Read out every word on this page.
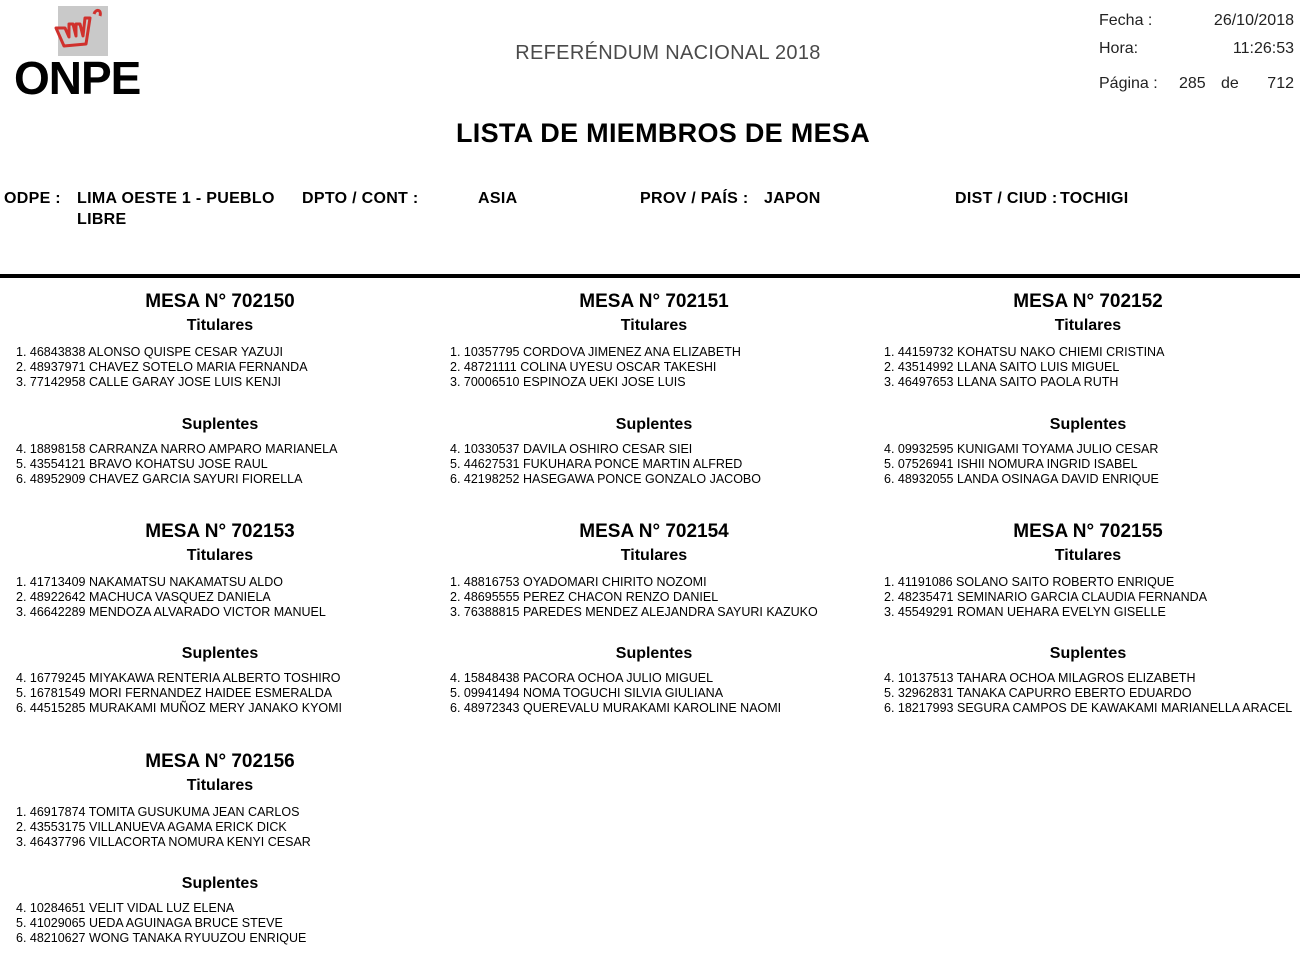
ONPE	REFERÉNDUM NACIONAL 2018
Fecha :	26/10/2018
Hora:	11:26:53
Página : 285 de	712
LISTA DE MIEMBROS DE MESA
ODPE : LIMA OESTE 1 - PUEBLO
LIBRE
DPTO / CONT :	ASIA	PROV / PAÍS : JAPON	DIST / CIUD : TOCHIGI
MESA N° 702150
Titulares
1. 46843838 ALONSO QUISPE CESAR YAZUJI
2. 48937971 CHAVEZ SOTELO MARIA FERNANDA
3. 77142958 CALLE GARAY JOSE LUIS KENJI
Suplentes
4. 18898158 CARRANZA NARRO AMPARO MARIANELA
5. 43554121 BRAVO KOHATSU JOSE RAUL
6. 48952909 CHAVEZ GARCIA SAYURI FIORELLA
MESA N° 702151
Titulares
1. 10357795 CORDOVA JIMENEZ ANA ELIZABETH
2. 48721111 COLINA UYESU OSCAR TAKESHI
3. 70006510 ESPINOZA UEKI JOSE LUIS
Suplentes
4. 10330537 DAVILA OSHIRO CESAR SIEI
5. 44627531 FUKUHARA PONCE MARTIN ALFRED
6. 42198252 HASEGAWA PONCE GONZALO JACOBO
MESA N° 702152
Titulares
1. 44159732 KOHATSU NAKO CHIEMI CRISTINA
2. 43514992 LLANA SAITO LUIS MIGUEL
3. 46497653 LLANA SAITO PAOLA RUTH
Suplentes
4. 09932595 KUNIGAMI TOYAMA JULIO CESAR
5. 07526941 ISHII NOMURA INGRID ISABEL
6. 48932055 LANDA OSINAGA DAVID ENRIQUE
MESA N° 702153
Titulares
1. 41713409 NAKAMATSU NAKAMATSU ALDO
2. 48922642 MACHUCA VASQUEZ DANIELA
3. 46642289 MENDOZA ALVARADO VICTOR MANUEL
Suplentes
4. 16779245 MIYAKAWA RENTERIA ALBERTO TOSHIRO
5. 16781549 MORI FERNANDEZ HAIDEE ESMERALDA
6. 44515285 MURAKAMI MUÑOZ MERY JANAKO KYOMI
MESA N° 702154
Titulares
1. 48816753 OYADOMARI CHIRITO NOZOMI
2. 48695555 PEREZ CHACON RENZO DANIEL
3. 76388815 PAREDES MENDEZ ALEJANDRA SAYURI KAZUKO
Suplentes
4. 15848438 PACORA OCHOA JULIO MIGUEL
5. 09941494 NOMA TOGUCHI SILVIA GIULIANA
6. 48972343 QUEREVALU MURAKAMI KAROLINE NAOMI
MESA N° 702155
Titulares
1. 41191086 SOLANO SAITO ROBERTO ENRIQUE
2. 48235471 SEMINARIO GARCIA CLAUDIA FERNANDA
3. 45549291 ROMAN UEHARA EVELYN GISELLE
Suplentes
4. 10137513 TAHARA OCHOA MILAGROS ELIZABETH
5. 32962831 TANAKA CAPURRO EBERTO EDUARDO
6. 18217993 SEGURA CAMPOS DE KAWAKAMI MARIANELLA ARACEL
MESA N° 702156
Titulares
1. 46917874 TOMITA GUSUKUMA JEAN CARLOS
2. 43553175 VILLANUEVA AGAMA ERICK DICK
3. 46437796 VILLACORTA NOMURA KENYI CESAR
Suplentes
4. 10284651 VELIT VIDAL LUZ ELENA
5. 41029065 UEDA AGUINAGA BRUCE STEVE
6. 48210627 WONG TANAKA RYUUZOU ENRIQUE
